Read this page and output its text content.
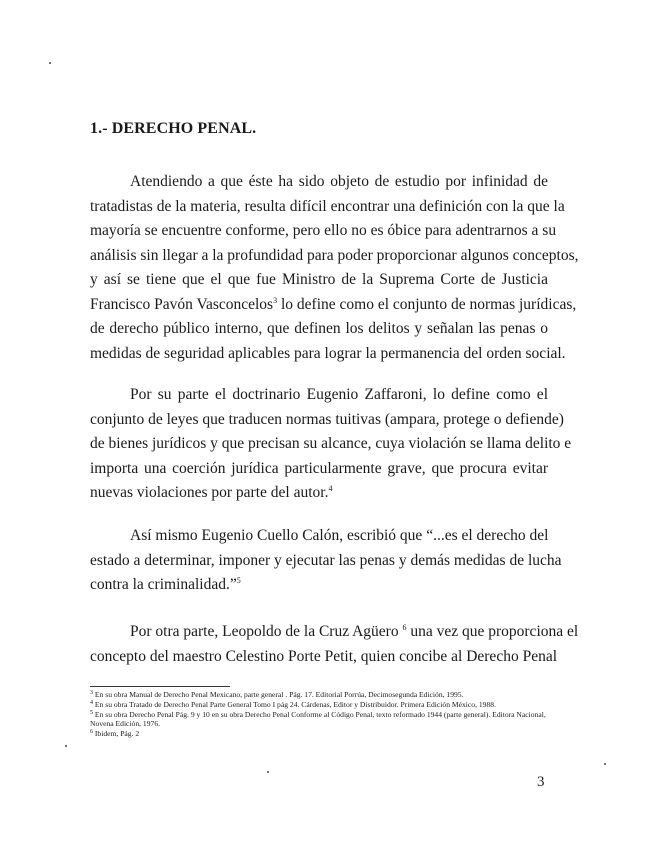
1.- DERECHO PENAL.

Atendiendo a que éste ha sido objeto de estudio por infinidad de
tratadistas de la materia, resulta difícil encontrar una definición con la que la
mayoría se encuentre conforme, pero ello no es óbice para adentrarnos a su
análisis sin llegar a la profundidad para poder proporcionar algunos conceptos,
y así se tiene que el que fue Ministro de la Suprema Corte de Justicia
Francisco Pavón Vasconcelos$^3$ lo define como el conjunto de normas jurídicas,
de derecho público interno, que definen los delitos y señalan las penas o
medidas de seguridad aplicables para lograr la permanencia del orden social.

Por su parte el doctrinario Eugenio Zaffaroni, lo define como el
conjunto de leyes que traducen normas tuitivas (ampara, protege o defiende)
de bienes jurídicos y que precisan su alcance, cuya violación se llama delito e
importa una coerción jurídica particularmente grave, que procura evitar
nuevas violaciones por parte del autor.$^4$

Así mismo Eugenio Cuello Calón, escribió que “...es el derecho del
estado a determinar, imponer y ejecutar las penas y demás medidas de lucha
contra la criminalidad.”$^5$

Por otra parte, Leopoldo de la Cruz Agüero $^6$ una vez que proporciona el
concepto del maestro Celestino Porte Petit, quien concibe al Derecho Penal

$^3$ En su obra Manual de Derecho Penal Mexicano, parte general . Pág. 17. Editorial Porrúa, Decimosegunda Edición, 1995.
$^4$ En su obra Tratado de Derecho Penal Parte General Tomo I pág 24. Cárdenas, Editor y Distribuidor. Primera Edición México, 1988.
$^5$ En su obra Derecho Penal Pág. 9 y 10 en su obra Derecho Penal Conforme al Código Penal, texto reformado 1944 (parte general). Editora Nacional, Novena Edición, 1976.
$^6$ Ibidem, Pág. 2
3
